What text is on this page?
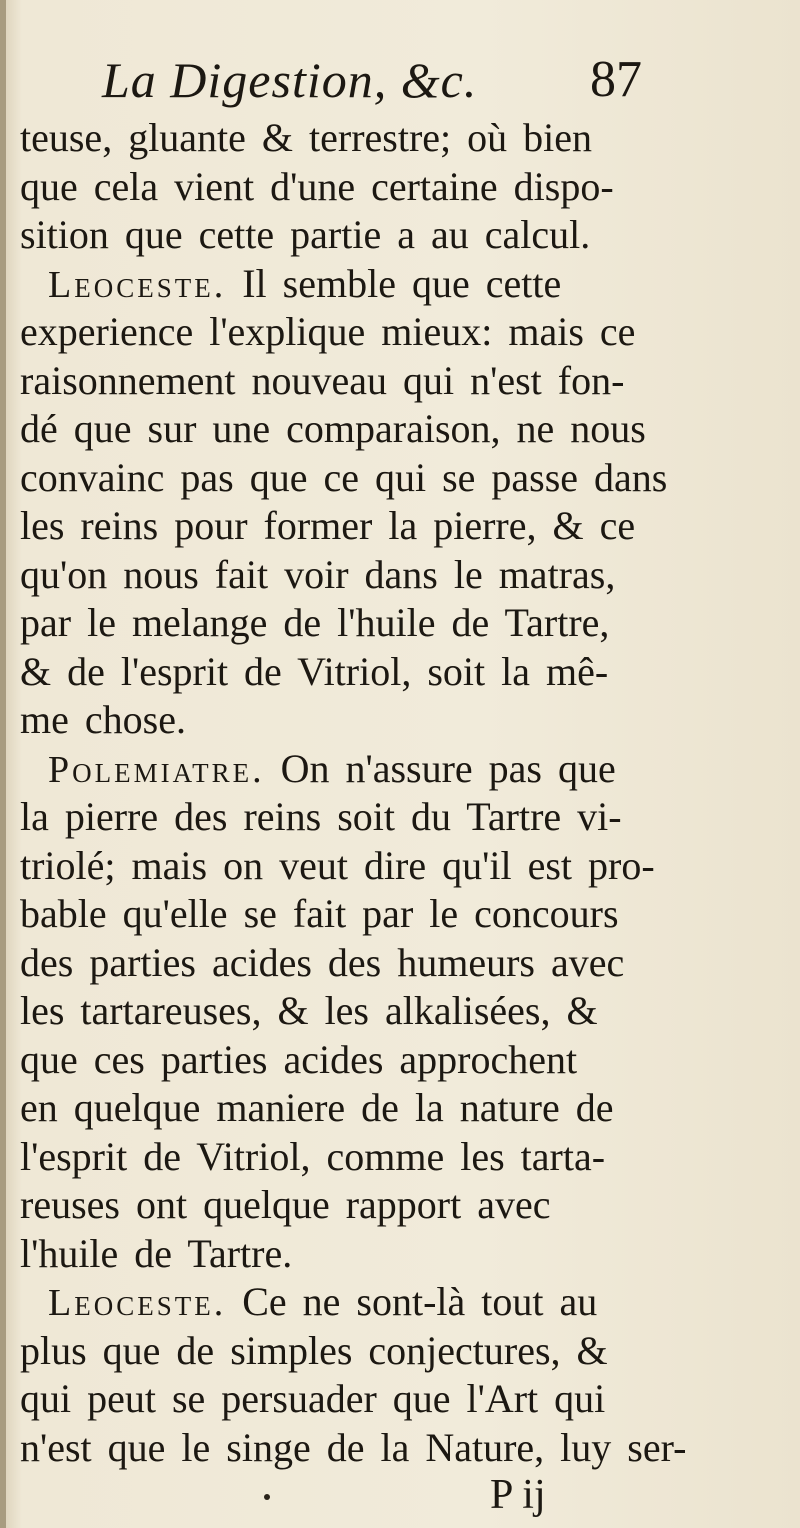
La Digestion, &c. 87
teuse, gluante & terrestre; où bien
que cela vient d'une certaine dispo-
sition que cette partie a au calcul.
Leoceste. Il semble que cette
experience l'explique mieux: mais ce
raisonnement nouveau qui n'est fon-
dé que sur une comparaison, ne nous
convainc pas que ce qui se passe dans
les reins pour former la pierre, & ce
qu'on nous fait voir dans le matras,
par le melange de l'huile de Tartre,
& de l'esprit de Vitriol, soit la mê-
me chose.
Polemiatre. On n'assure pas que
la pierre des reins soit du Tartre vi-
triolé; mais on veut dire qu'il est pro-
bable qu'elle se fait par le concours
des parties acides des humeurs avec
les tartareuses, & les alkalisées, &
que ces parties acides approchent
en quelque maniere de la nature de
l'esprit de Vitriol, comme les tarta-
reuses ont quelque rapport avec
l'huile de Tartre.
Leoceste. Ce ne sont-là tout au
plus que de simples conjectures, &
qui peut se persuader que l'Art qui
n'est que le singe de la Nature, luy ser-
P ij
